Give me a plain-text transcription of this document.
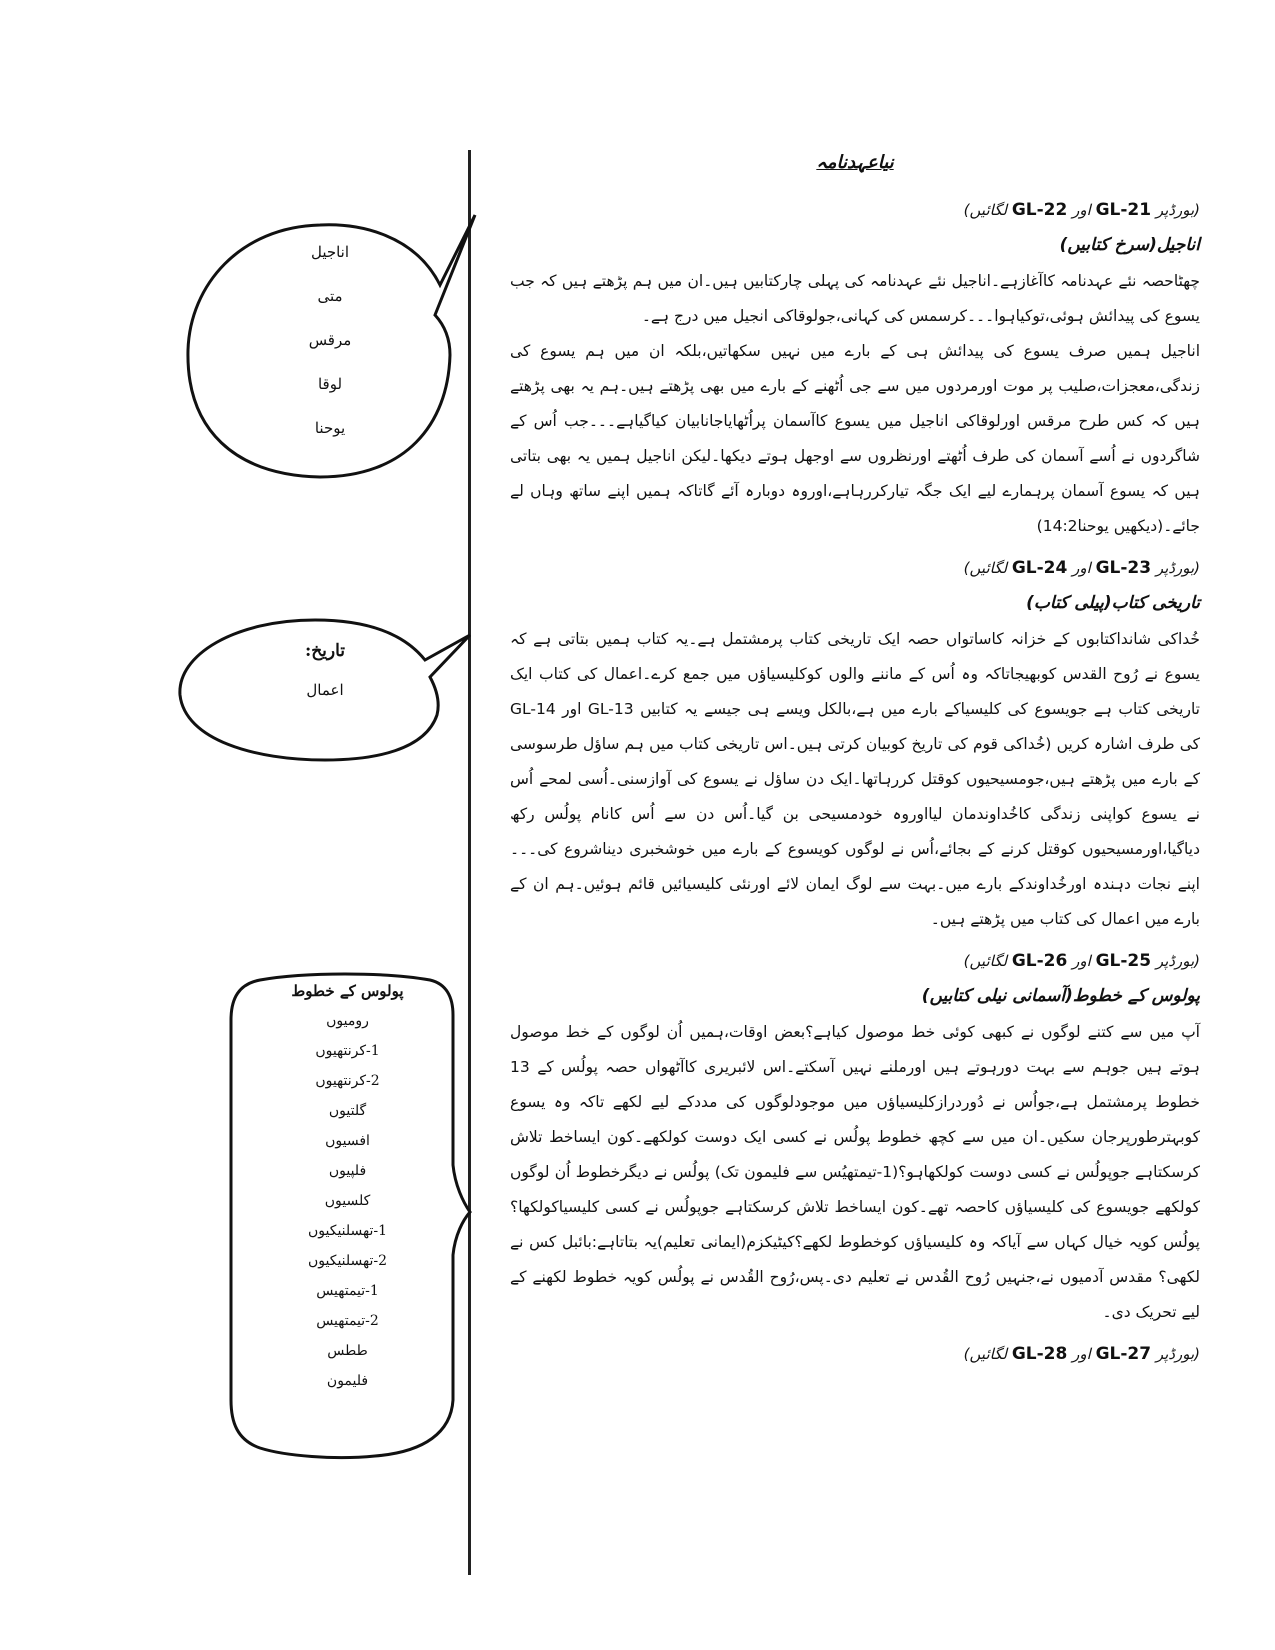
نیاعہدنامہ
(بورڈپر GL-21 اور GL-22 لگائیں)
اناجیل(سرخ کتابیں)

چھٹاحصہ نئے عہدنامہ کاآغازہے۔اناجیل نئے عہدنامہ کی پہلی چارکتابیں ہیں۔ان میں ہم پڑھتے ہیں کہ جب یسوع کی پیدائش ہوئی،توکیاہوا۔۔۔کرسمس کی کہانی،جولوقاکی انجیل میں درج ہے۔

اناجیل ہمیں صرف یسوع کی پیدائش ہی کے بارے میں نہیں سکھاتیں،بلکہ ان میں ہم یسوع کی زندگی،معجزات،صلیب پر موت اورمردوں میں سے جی اُٹھنے کے بارے میں بھی پڑھتے ہیں۔ہم یہ بھی پڑھتے ہیں کہ کس طرح مرقس اورلوقاکی اناجیل میں یسوع کاآسمان پراُٹھایاجانابیان کیاگیاہے۔۔۔جب اُس کے شاگردوں نے اُسے آسمان کی طرف اُٹھتے اورنظروں سے اوجھل ہوتے دیکھا۔لیکن اناجیل ہمیں یہ بھی بتاتی ہیں کہ یسوع آسمان پرہمارے لیے ایک جگہ تیارکررہاہے،اوروہ دوبارہ آئے گاتاکہ ہمیں اپنے ساتھ وہاں لے جائے۔(دیکھیں یوحنا14:2)

(بورڈپر GL-23 اور GL-24 لگائیں)
تاریخی کتاب(پیلی کتاب)

خُداکی شانداکتابوں کے خزانہ کاساتواں حصہ ایک تاریخی کتاب پرمشتمل ہے۔یہ کتاب ہمیں بتاتی ہے کہ یسوع نے رُوح القدس کوبھیجاتاکہ وہ اُس کے ماننے والوں کوکلیسیاؤں میں جمع کرے۔اعمال کی کتاب ایک تاریخی کتاب ہے جویسوع کی کلیسیاکے بارے میں ہے،بالکل ویسے ہی جیسے یہ کتابیں GL-13 اور GL-14 کی طرف اشارہ کریں (خُداکی قوم کی تاریخ کوبیان کرتی ہیں۔اس تاریخی کتاب میں ہم ساؤل طرسوسی کے بارے میں پڑھتے ہیں،جومسیحیوں کوقتل کررہاتھا۔ایک دن ساؤل نے یسوع کی آوازسنی۔اُسی لمحے اُس نے یسوع کواپنی زندگی کاخُداوندمان لیااوروہ خودمسیحی بن گیا۔اُس دن سے اُس کانام پولُس رکھ دیاگیا،اورمسیحیوں کوقتل کرنے کے بجائے،اُس نے لوگوں کویسوع کے بارے میں خوشخبری دیناشروع کی۔۔۔اپنے نجات دہندہ اورخُداوندکے بارے میں۔بہت سے لوگ ایمان لائے اورنئی کلیسیائیں قائم ہوئیں۔ہم ان کے بارے میں اعمال کی کتاب میں پڑھتے ہیں۔

(بورڈپر GL-25 اور GL-26 لگائیں)
پولوس کے خطوط(آسمانی نیلی کتابیں)

آپ میں سے کتنے لوگوں نے کبھی کوئی خط موصول کیاہے؟بعض اوقات،ہمیں اُن لوگوں کے خط موصول ہوتے ہیں جوہم سے بہت دورہوتے ہیں اورملنے نہیں آسکتے۔اس لائبریری کاآٹھواں حصہ پولُس کے 13 خطوط پرمشتمل ہے،جواُس نے دُوردرازکلیسیاؤں میں موجودلوگوں کی مددکے لیے لکھے تاکہ وہ یسوع کوبہترطورپرجان سکیں۔ان میں سے کچھ خطوط پولُس نے کسی ایک دوست کولکھے۔کون ایساخط تلاش کرسکتاہے جوپولُس نے کسی دوست کولکھاہو؟(1-تیمتھیُس سے فلیمون تک) پولُس نے دیگرخطوط اُن لوگوں کولکھے جویسوع کی کلیسیاؤں کاحصہ تھے۔کون ایساخط تلاش کرسکتاہے جوپولُس نے کسی کلیسیاکولکھا؟پولُس کویہ خیال کہاں سے آیاکہ وہ کلیسیاؤں کوخطوط لکھے؟کیٹیکزم(ایمانی تعلیم)یہ بتاتاہے:بائبل کس نے لکھی؟ مقدس آدمیوں نے،جنہیں رُوح القُدس نے تعلیم دی۔پس،رُوح القُدس نے پولُس کویہ خطوط لکھنے کے لیے تحریک دی۔

(بورڈپر GL-27 اور GL-28 لگائیں)
اناجیل
متی
مرقس
لوقا
یوحنا
تاریخ:
اعمال
پولوس کے خطوط
رومیوں
1-کرنتھیوں
2-کرنتھیوں
گلتیوں
افسیوں
فلپیوں
کلسیوں
1-تھسلنیکیوں
2-تھسلنیکیوں
1-تیمتھیس
2-تیمتھیس
ططس
فلیمون
